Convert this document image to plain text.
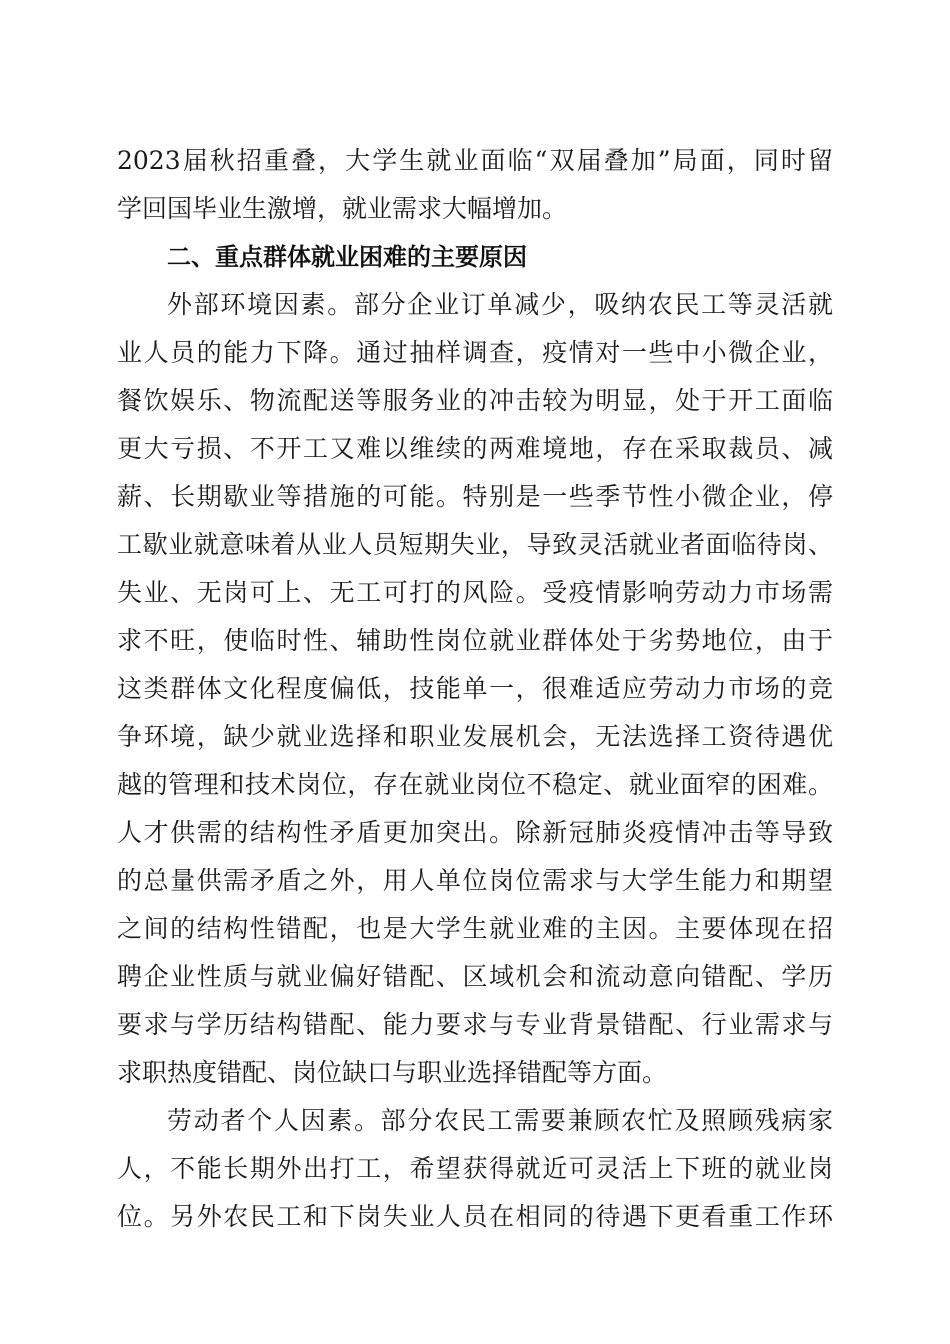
2023届秋招重叠，大学生就业面临“双届叠加”局面，同时留
学回国毕业生激增，就业需求大幅增加。
二、重点群体就业困难的主要原因
外部环境因素。部分企业订单减少，吸纳农民工等灵活就
业人员的能力下降。通过抽样调查，疫情对一些中小微企业，
餐饮娱乐、物流配送等服务业的冲击较为明显，处于开工面临
更大亏损、不开工又难以维续的两难境地，存在采取裁员、减
薪、长期歇业等措施的可能。特别是一些季节性小微企业，停
工歇业就意味着从业人员短期失业，导致灵活就业者面临待岗、
失业、无岗可上、无工可打的风险。受疫情影响劳动力市场需
求不旺，使临时性、辅助性岗位就业群体处于劣势地位，由于
这类群体文化程度偏低，技能单一，很难适应劳动力市场的竞
争环境，缺少就业选择和职业发展机会，无法选择工资待遇优
越的管理和技术岗位，存在就业岗位不稳定、就业面窄的困难。
人才供需的结构性矛盾更加突出。除新冠肺炎疫情冲击等导致
的总量供需矛盾之外，用人单位岗位需求与大学生能力和期望
之间的结构性错配，也是大学生就业难的主因。主要体现在招
聘企业性质与就业偏好错配、区域机会和流动意向错配、学历
要求与学历结构错配、能力要求与专业背景错配、行业需求与
求职热度错配、岗位缺口与职业选择错配等方面。
劳动者个人因素。部分农民工需要兼顾农忙及照顾残病家
人，不能长期外出打工，希望获得就近可灵活上下班的就业岗
位。另外农民工和下岗失业人员在相同的待遇下更看重工作环
